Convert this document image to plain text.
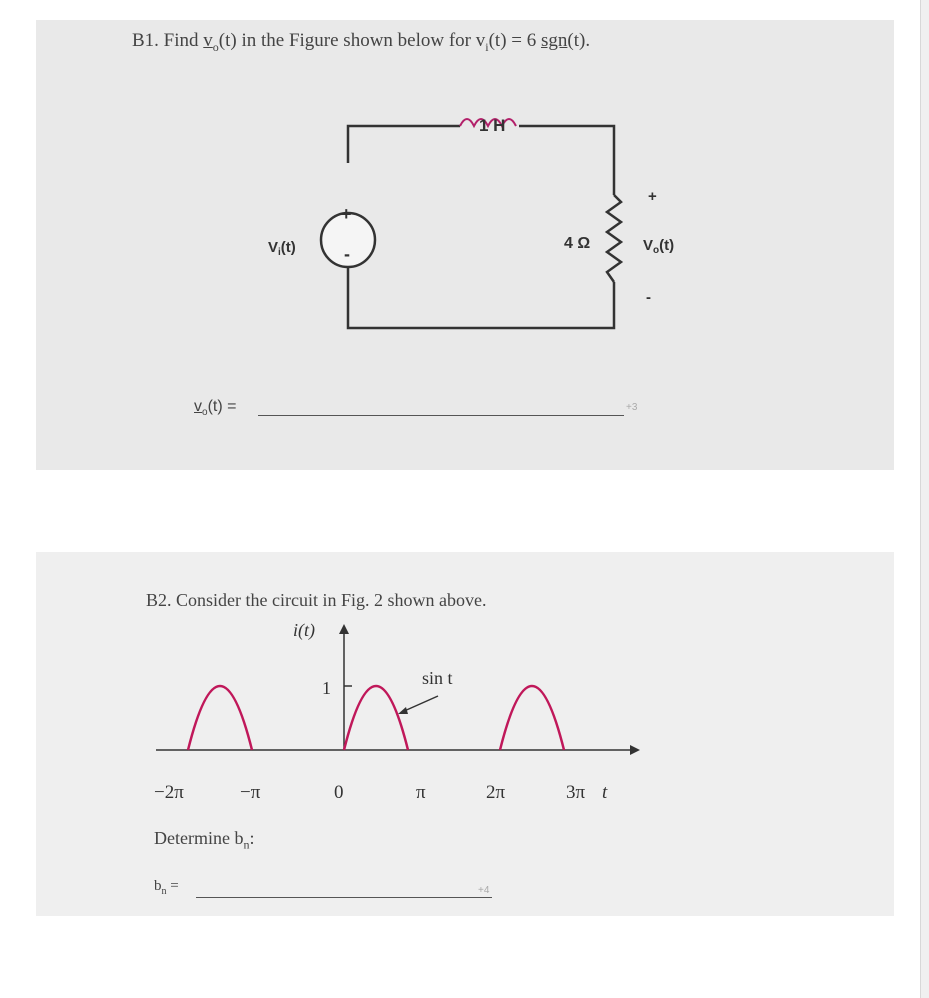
B1. Find $v_o(t)$ in the Figure shown below for $v_i(t) = 6$ sgn(t).
+
-
1 H
$V_i(t)$	4 Ω
+
$V_o(t)$
-
$v_o(t)$ =	+3
B2. Consider the circuit in Fig. 2 shown above.
i(t)
1	sin t
−2π	−π	0	π	2π	3π t
Determine $b_n$:
$b_n$ =	+4
